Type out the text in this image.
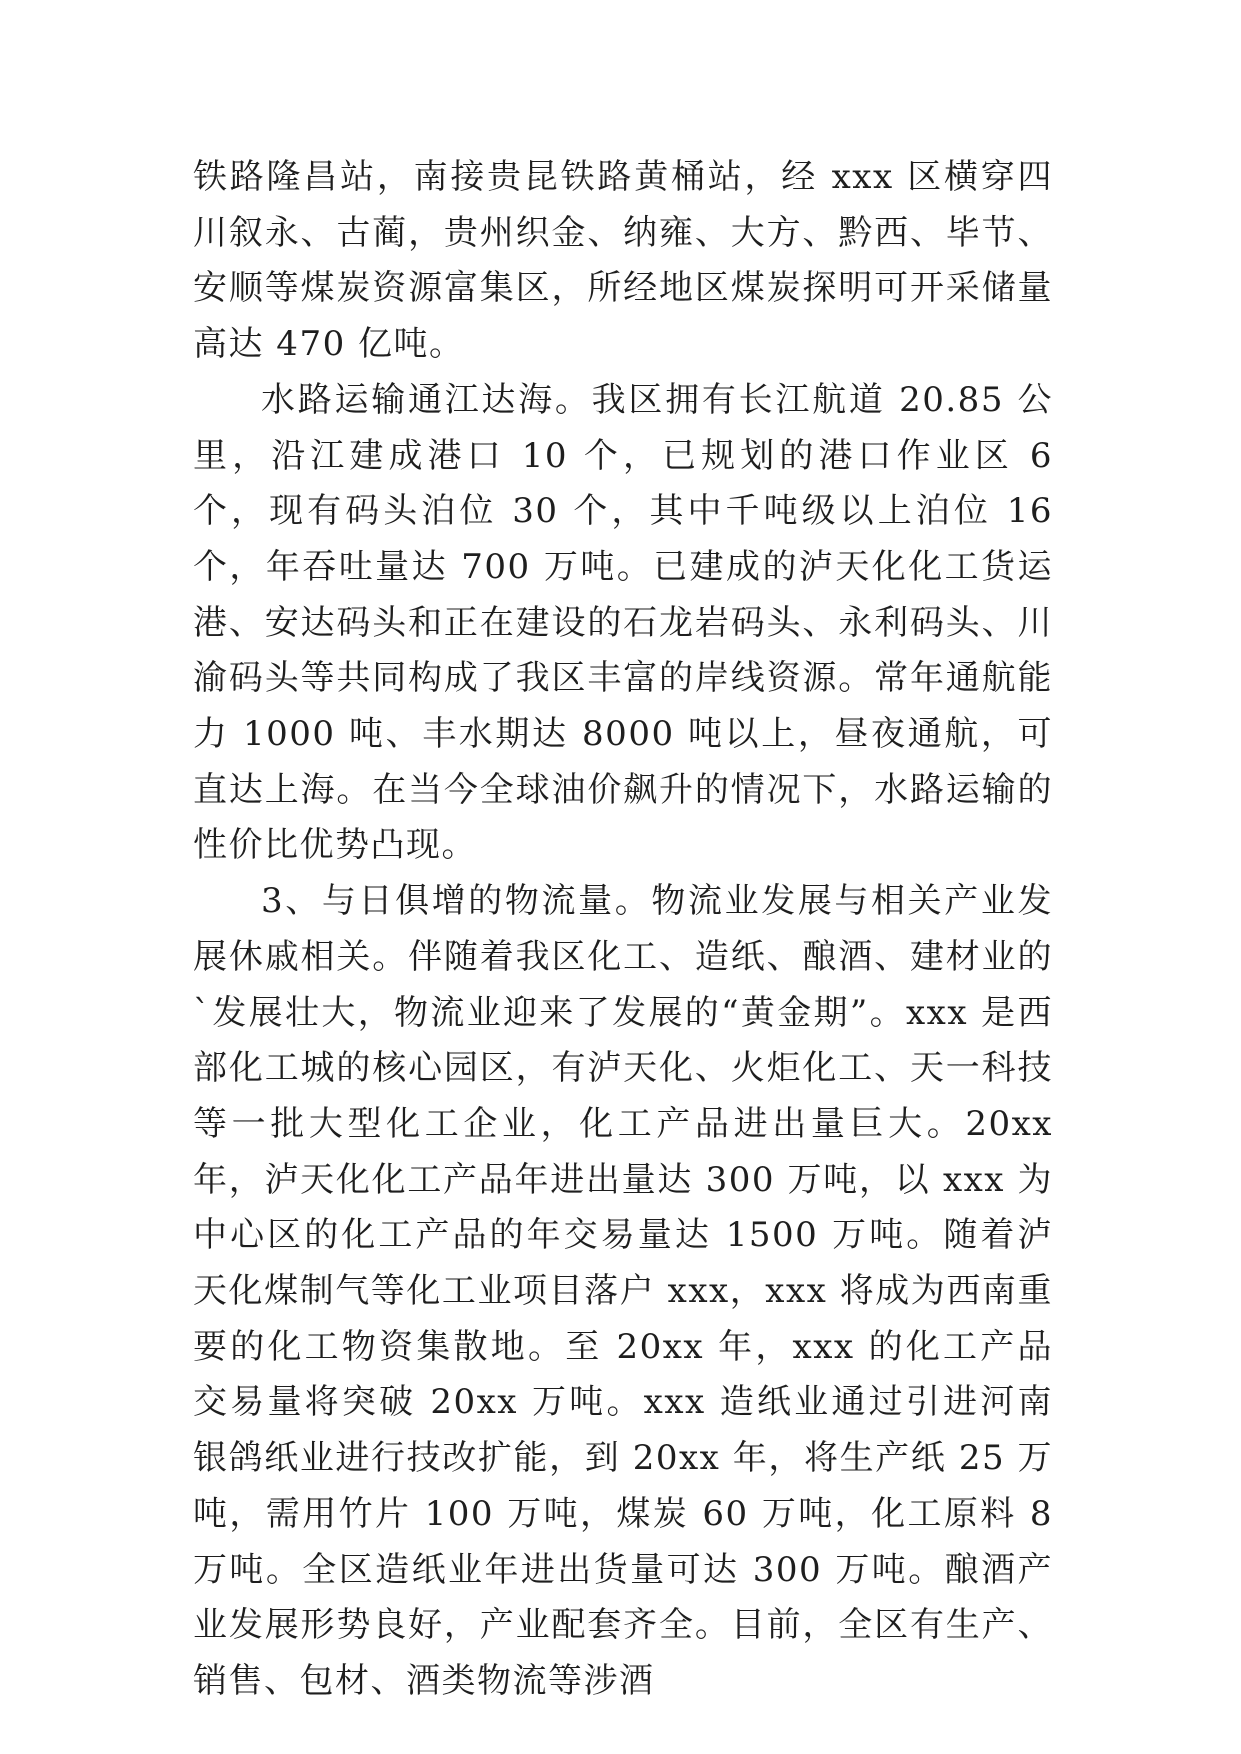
铁路隆昌站，南接贵昆铁路黄桶站，经 xxx 区横穿四川叙永、古蔺，贵州织金、纳雍、大方、黔西、毕节、安顺等煤炭资源富集区，所经地区煤炭探明可开采储量高达 470 亿吨。

水路运输通江达海。我区拥有长江航道 20.85 公里，沿江建成港口 10 个，已规划的港口作业区 6 个，现有码头泊位 30 个，其中千吨级以上泊位 16 个，年吞吐量达 700 万吨。已建成的泸天化化工货运港、安达码头和正在建设的石龙岩码头、永利码头、川渝码头等共同构成了我区丰富的岸线资源。常年通航能力 1000 吨、丰水期达 8000 吨以上，昼夜通航，可直达上海。在当今全球油价飙升的情况下，水路运输的性价比优势凸现。

3、与日俱增的物流量。物流业发展与相关产业发展休戚相关。伴随着我区化工、造纸、酿酒、建材业的`发展壮大，物流业迎来了发展的“黄金期”。xxx 是西部化工城的核心园区，有泸天化、火炬化工、天一科技等一批大型化工企业，化工产品进出量巨大。20xx 年，泸天化化工产品年进出量达 300 万吨，以 xxx 为中心区的化工产品的年交易量达 1500 万吨。随着泸天化煤制气等化工业项目落户 xxx，xxx 将成为西南重要的化工物资集散地。至 20xx 年，xxx 的化工产品交易量将突破 20xx 万吨。xxx 造纸业通过引进河南银鸽纸业进行技改扩能，到 20xx 年，将生产纸 25 万吨，需用竹片 100 万吨，煤炭 60 万吨，化工原料 8 万吨。全区造纸业年进出货量可达 300 万吨。酿酒产业发展形势良好，产业配套齐全。目前，全区有生产、销售、包材、酒类物流等涉酒
